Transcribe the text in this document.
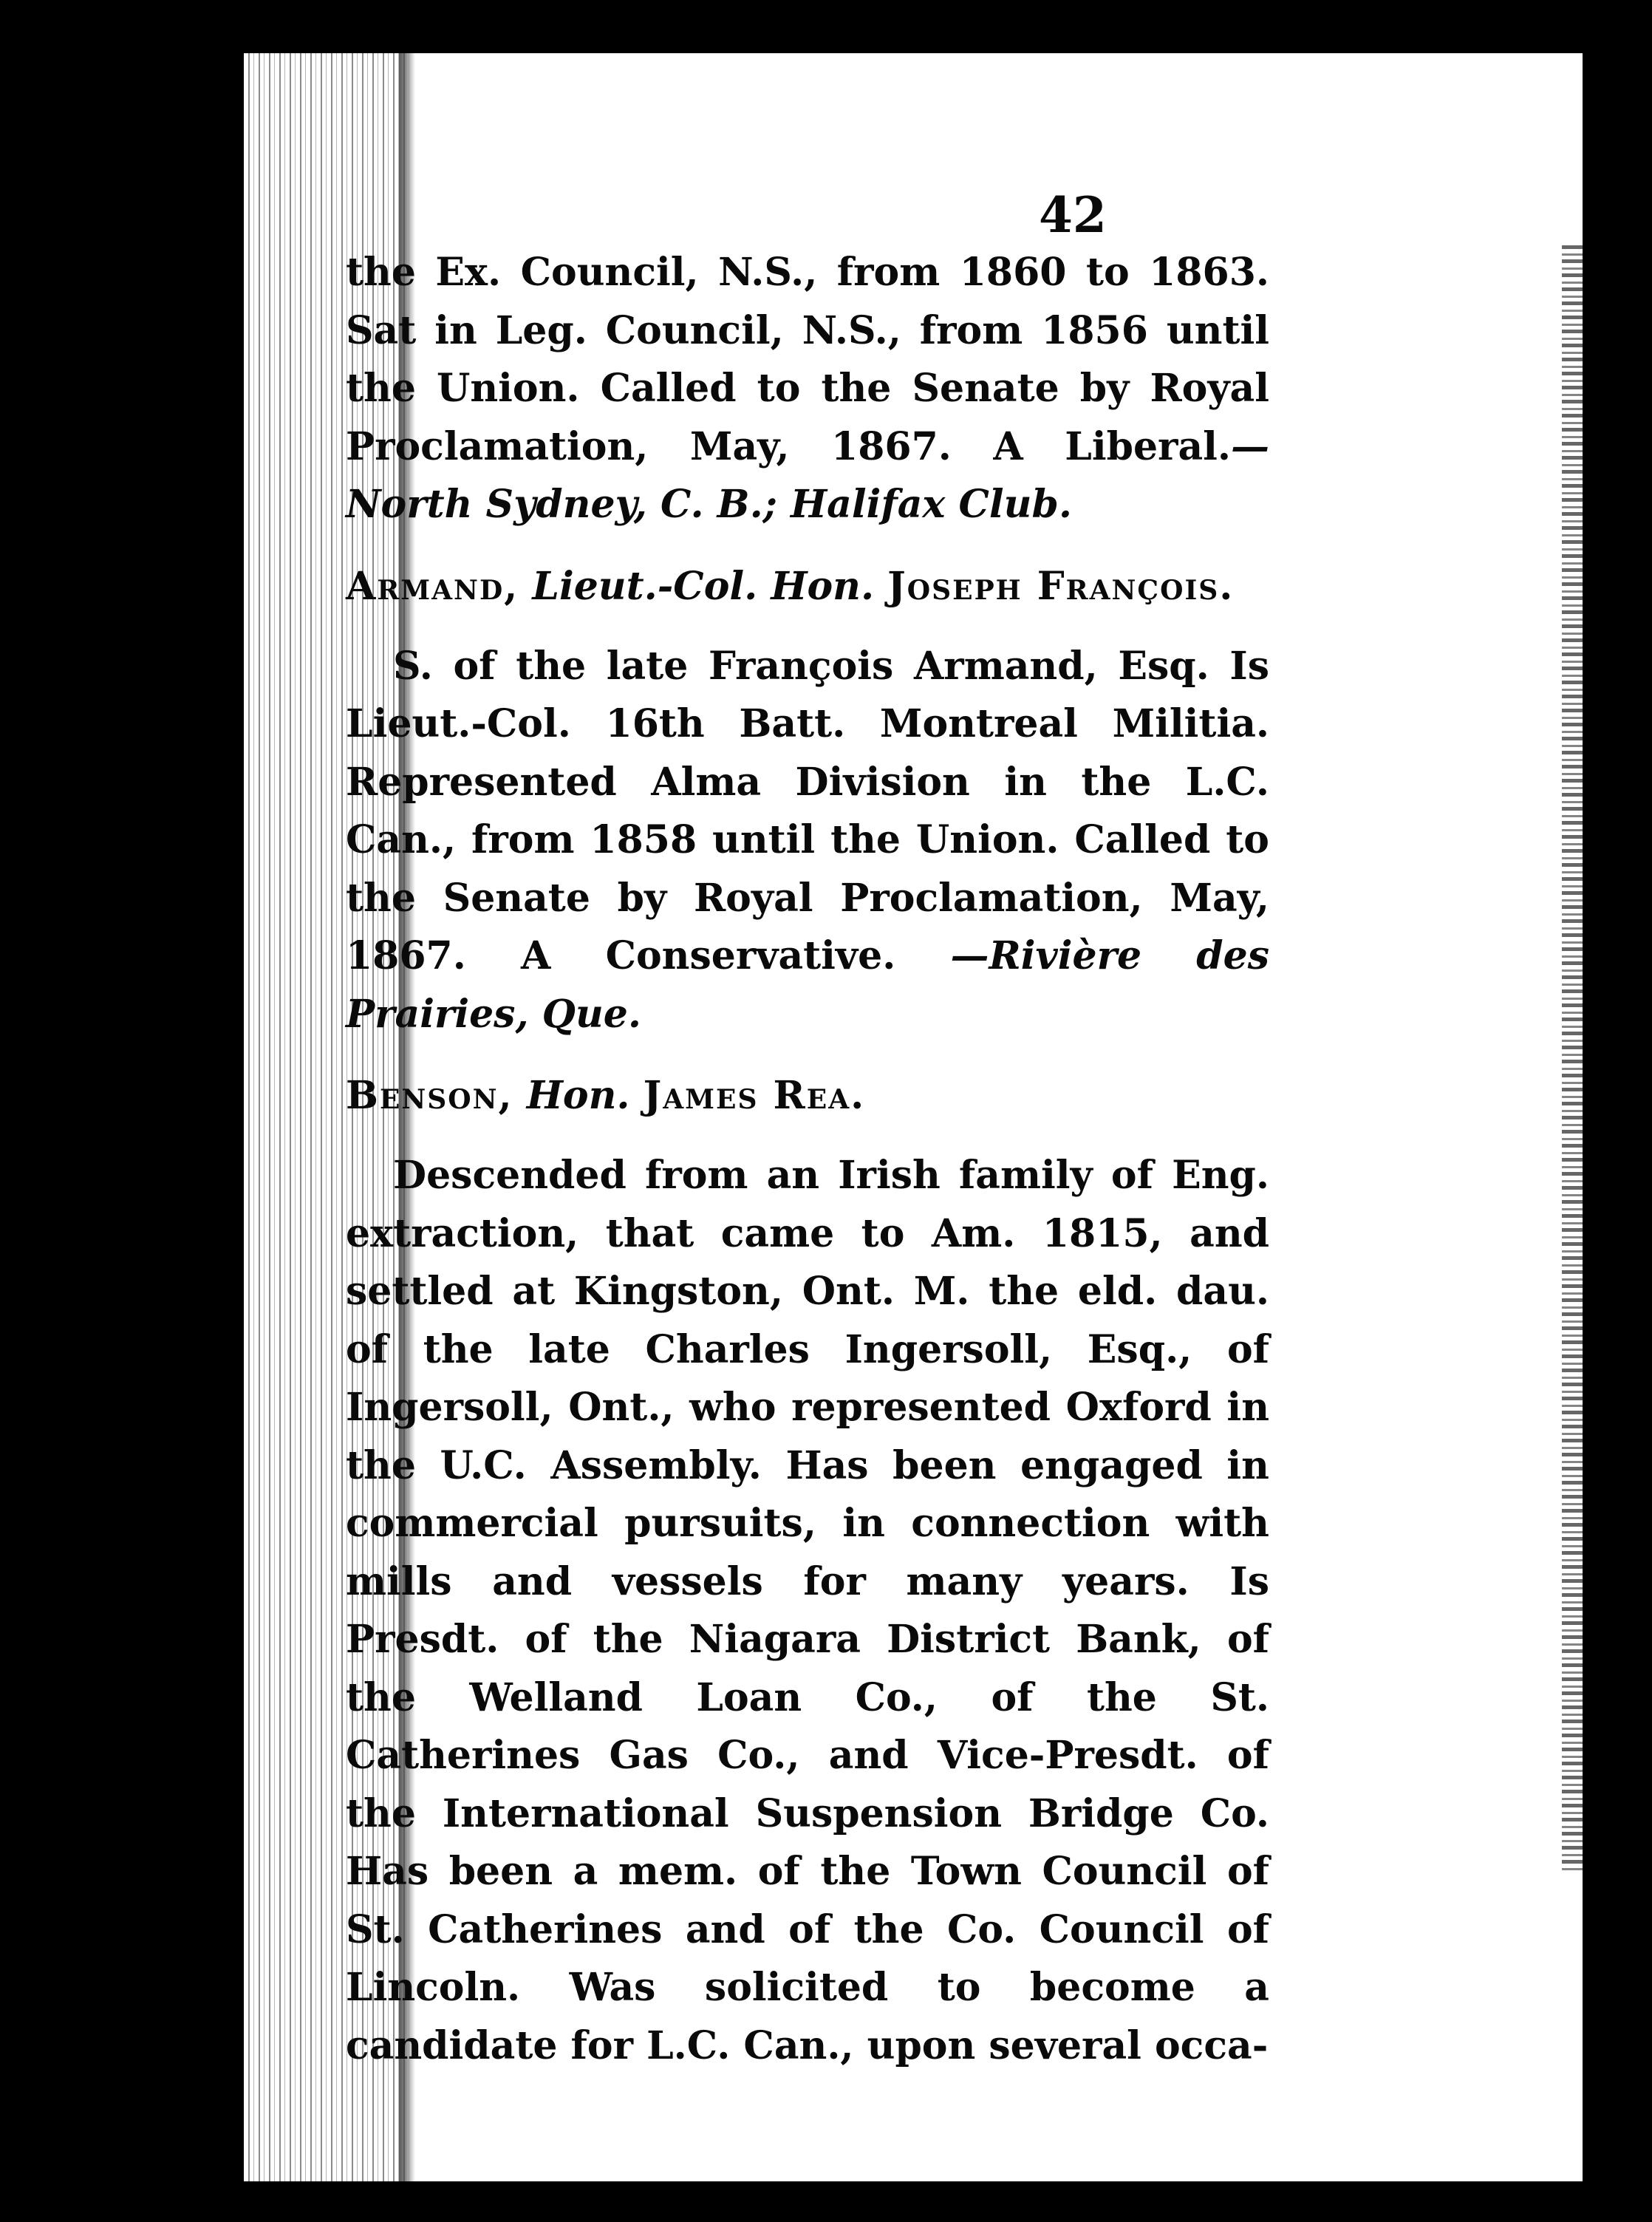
42

the Ex. Council, N.S., from 1860 to 1863. Sat in Leg. Council, N.S., from 1856 until the Union. Called to the Senate by Royal Proclamation, May, 1867. A Liberal.—North Sydney, C. B.; Halifax Club.

Armand, Lieut.-Col. Hon. Joseph François.

S. of the late François Armand, Esq. Is Lieut.-Col. 16th Batt. Montreal Militia. Represented Alma Division in the L.C. Can., from 1858 until the Union. Called to the Senate by Royal Proclamation, May, 1867. A Conservative. —Rivière des Prairies, Que.

Benson, Hon. James Rea.

Descended from an Irish family of Eng. extraction, that came to Am. 1815, and settled at Kingston, Ont. M. the eld. dau. of the late Charles Ingersoll, Esq., of Ingersoll, Ont., who represented Oxford in the U.C. Assembly. Has been engaged in commercial pursuits, in connection with mills and vessels for many years. Is Presdt. of the Niagara District Bank, of the Welland Loan Co., of the St. Catherines Gas Co., and Vice-Presdt. of the International Suspension Bridge Co. Has been a mem. of the Town Council of St. Catherines and of the Co. Council of Lincoln. Was solicited to become a candidate for L.C. Can., upon several occa-
